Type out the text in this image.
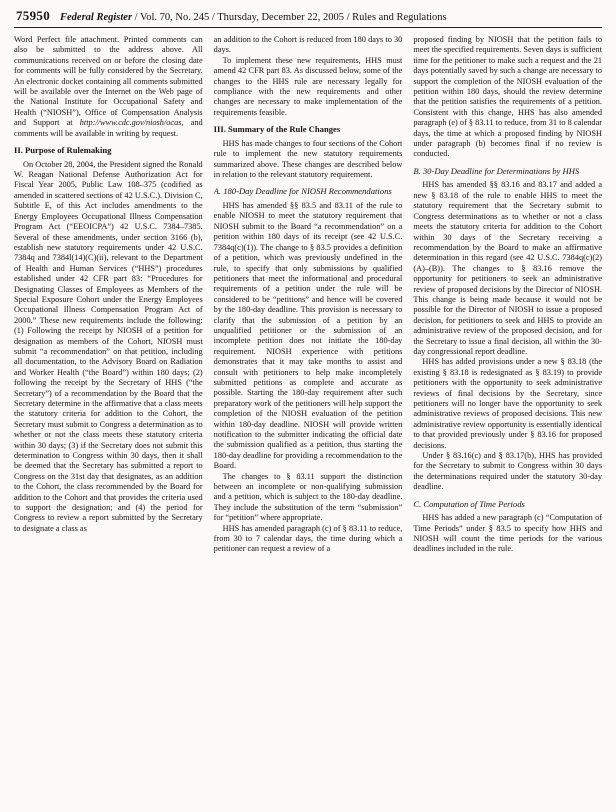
75950 Federal Register / Vol. 70, No. 245 / Thursday, December 22, 2005 / Rules and Regulations

Word Perfect file attachment. Printed comments can also be submitted to the address above. All communications received on or before the closing date for comments will be fully considered by the Secretary. An electronic docket containing all comments submitted will be available over the Internet on the Web page of the National Institute for Occupational Safety and Health (“NIOSH”), Office of Compensation Analysis and Support at http://www.cdc.gov/niosh/ocas, and comments will be available in writing by request.

II. Purpose of Rulemaking

On October 28, 2004, the President signed the Ronald W. Reagan National Defense Authorization Act for Fiscal Year 2005, Public Law 108–375 (codified as amended in scattered sections of 42 U.S.C.). Division C, Subtitle E, of this Act includes amendments to the Energy Employees Occupational Illness Compensation Program Act (“EEOICPA”) 42 U.S.C. 7384–7385. Several of these amendments, under section 3166 (b), establish new statutory requirements under 42 U.S.C. 7384q and 7384l(14)(C)(ii), relevant to the Department of Health and Human Services (“HHS”) procedures established under 42 CFR part 83: “Procedures for Designating Classes of Employees as Members of the Special Exposure Cohort under the Energy Employees Occupational Illness Compensation Program Act of 2000.” These new requirements include the following: (1) Following the receipt by NIOSH of a petition for designation as members of the Cohort, NIOSH must submit “a recommendation” on that petition, including all documentation, to the Advisory Board on Radiation and Worker Health (“the Board”) within 180 days; (2) following the receipt by the Secretary of HHS (“the Secretary”) of a recommendation by the Board that the Secretary determine in the affirmative that a class meets the statutory criteria for addition to the Cohort, the Secretary must submit to Congress a determination as to whether or not the class meets these statutory criteria within 30 days; (3) if the Secretary does not submit this determination to Congress within 30 days, then it shall be deemed that the Secretary has submitted a report to Congress on the 31st day that designates, as an addition to the Cohort, the class recommended by the Board for addition to the Cohort and that provides the criteria used to support the designation; and (4) the period for Congress to review a report submitted by the Secretary to designate a class as

an addition to the Cohort is reduced from 180 days to 30 days.

To implement these new requirements, HHS must amend 42 CFR part 83. As discussed below, some of the changes to the HHS rule are necessary legally for compliance with the new requirements and other changes are necessary to make implementation of the requirements feasible.

III. Summary of the Rule Changes

HHS has made changes to four sections of the Cohort rule to implement the new statutory requirements summarized above. These changes are described below in relation to the relevant statutory requirement.

A. 180-Day Deadline for NIOSH Recommendations

HHS has amended §§ 83.5 and 83.11 of the rule to enable NIOSH to meet the statutory requirement that NIOSH submit to the Board “a recommendation” on a petition within 180 days of its receipt (see 42 U.S.C. 7384q(c)(1)). The change to § 83.5 provides a definition of a petition, which was previously undefined in the rule, to specify that only submissions by qualified petitioners that meet the informational and procedural requirements of a petition under the rule will be considered to be “petitions” and hence will be covered by the 180-day deadline. This provision is necessary to clarify that the submission of a petition by an unqualified petitioner or the submission of an incomplete petition does not initiate the 180-day requirement. NIOSH experience with petitions demonstrates that it may take months to assist and consult with petitioners to help make incompletely submitted petitions as complete and accurate as possible. Starting the 180-day requirement after such preparatory work of the petitioners will help support the completion of the NIOSH evaluation of the petition within 180-day deadline. NIOSH will provide written notification to the submitter indicating the official date the submission qualified as a petition, thus starting the 180-day deadline for providing a recommendation to the Board.

The changes to § 83.11 support the distinction between an incomplete or non-qualifying submission and a petition, which is subject to the 180-day deadline. They include the substitution of the term “submission” for “petition” where appropriate.

HHS has amended paragraph (c) of § 83.11 to reduce, from 30 to 7 calendar days, the time during which a petitioner can request a review of a

proposed finding by NIOSH that the petition fails to meet the specified requirements. Seven days is sufficient time for the petitioner to make such a request and the 21 days potentially saved by such a change are necessary to support the completion of the NIOSH evaluation of the petition within 180 days, should the review determine that the petition satisfies the requirements of a petition. Consistent with this change, HHS has also amended paragraph (e) of § 83.11 to reduce, from 31 to 8 calendar days, the time at which a proposed finding by NIOSH under paragraph (b) becomes final if no review is conducted.

B. 30-Day Deadline for Determinations by HHS

HHS has amended §§ 83.16 and 83.17 and added a new § 83.18 of the rule to enable HHS to meet the statutory requirement that the Secretary submit to Congress determinations as to whether or not a class meets the statutory criteria for addition to the Cohort within 30 days of the Secretary receiving a recommendation by the Board to make an affirmative determination in this regard (see 42 U.S.C. 7384q(c)(2)(A)–(B)). The changes to § 83.16 remove the opportunity for petitioners to seek an administrative review of proposed decisions by the Director of NIOSH. This change is being made because it would not be possible for the Director of NIOSH to issue a proposed decision, for petitioners to seek and HHS to provide an administrative review of the proposed decision, and for the Secretary to issue a final decision, all within the 30-day congressional report deadline.

HHS has added provisions under a new § 83.18 (the existing § 83.18 is redesignated as § 83.19) to provide petitioners with the opportunity to seek administrative reviews of final decisions by the Secretary, since petitioners will no longer have the opportunity to seek administrative reviews of proposed decisions. This new administrative review opportunity is essentially identical to that provided previously under § 83.16 for proposed decisions.

Under § 83.16(c) and § 83.17(b), HHS has provided for the Secretary to submit to Congress within 30 days the determinations required under the statutory 30-day deadline.

C. Computation of Time Periods

HHS has added a new paragraph (c) “Computation of Time Periods” under § 83.5 to specify how HHS and NIOSH will count the time periods for the various deadlines included in the rule.
